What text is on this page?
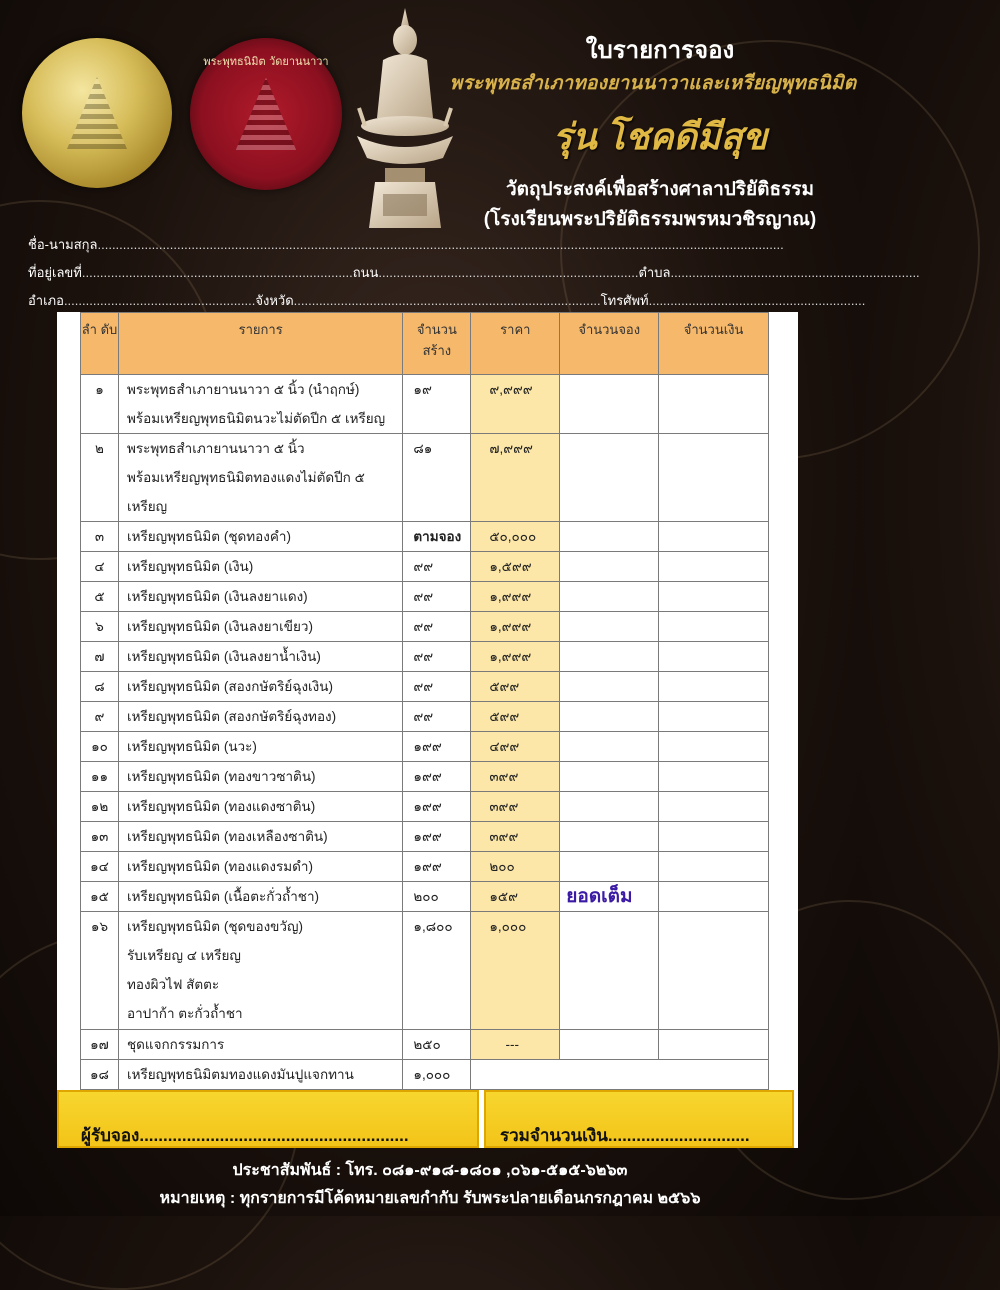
พระพุทธนิมิต วัดยานนาวา	ใบรายการจอง
พระพุทธสำเภาทองยานนาวาและเหรียญพุทธนิมิต
รุ่น โชคดีมีสุข
วัตถุประสงค์เพื่อสร้างศาลาปริยัติธรรม
(โรงเรียนพระปริยัติธรรมพรหมวชิรญาณ)
ชื่อ-นามสกุล..............................................................................................................................................................................................
ที่อยู่เลขที่...........................................................................ถนน........................................................................ตำบล.....................................................................
อำเภอ.....................................................จังหวัด.....................................................................................โทรศัพท์............................................................
ลำ ดับ	รายการ	จำนวน สร้าง	ราคา	จำนวนจอง	จำนวนเงิน
๑	พระพุทธสำเภายานนาวา ๕ นิ้ว (นำฤกษ์)
พร้อมเหรียญพุทธนิมิตนวะไม่ตัดปีก ๕ เหรียญ	๑๙	๙,๙๙๙		
๒	พระพุทธสำเภายานนาวา ๕ นิ้ว
พร้อมเหรียญพุทธนิมิตทองแดงไม่ตัดปีก ๕
เหรียญ	๘๑	๗,๙๙๙		
๓	เหรียญพุทธนิมิต (ชุดทองคำ)	ตามจอง	๕๐,๐๐๐		
๔	เหรียญพุทธนิมิต (เงิน)	๙๙	๑,๕๙๙		
๕	เหรียญพุทธนิมิต (เงินลงยาแดง)	๙๙	๑,๙๙๙		
๖	เหรียญพุทธนิมิต (เงินลงยาเขียว)	๙๙	๑,๙๙๙		
๗	เหรียญพุทธนิมิต (เงินลงยาน้ำเงิน)	๙๙	๑,๙๙๙		
๘	เหรียญพุทธนิมิต (สองกษัตริย์ฉุงเงิน)	๙๙	๕๙๙		
๙	เหรียญพุทธนิมิต (สองกษัตริย์ฉุงทอง)	๙๙	๕๙๙		
๑๐	เหรียญพุทธนิมิต (นวะ)	๑๙๙	๔๙๙		
๑๑	เหรียญพุทธนิมิต (ทองขาวซาติน)	๑๙๙	๓๙๙		
๑๒	เหรียญพุทธนิมิต (ทองแดงซาติน)	๑๙๙	๓๙๙		
๑๓	เหรียญพุทธนิมิต (ทองเหลืองซาติน)	๑๙๙	๓๙๙		
๑๔	เหรียญพุทธนิมิต (ทองแดงรมดำ)	๑๙๙	๒๐๐		
๑๕	เหรียญพุทธนิมิต (เนื้อตะกั่วถ้ำชา)	๒๐๐	๑๕๙	ยอดเต็ม	
๑๖	เหรียญพุทธนิมิต (ชุดของขวัญ)
รับเหรียญ ๔ เหรียญ
ทองผิวไฟ สัตตะ
อาปาก้า ตะกั่วถ้ำชา	๑,๘๐๐	๑,๐๐๐		
๑๗	ชุดแจกกรรมการ	๒๕๐	---		
๑๘	เหรียญพุทธนิมิตมทองแดงมันปูแจกทาน	๑,๐๐๐			
ผู้รับจอง.........................................................	รวมจำนวนเงิน..............................
ประชาสัมพันธ์ : โทร. ๐๘๑-๙๑๘-๑๘๐๑ ,๐๖๑-๕๑๕-๖๒๖๓
หมายเหตุ : ทุกรายการมีโค้ดหมายเลขกำกับ รับพระปลายเดือนกรกฎาคม ๒๕๖๖
